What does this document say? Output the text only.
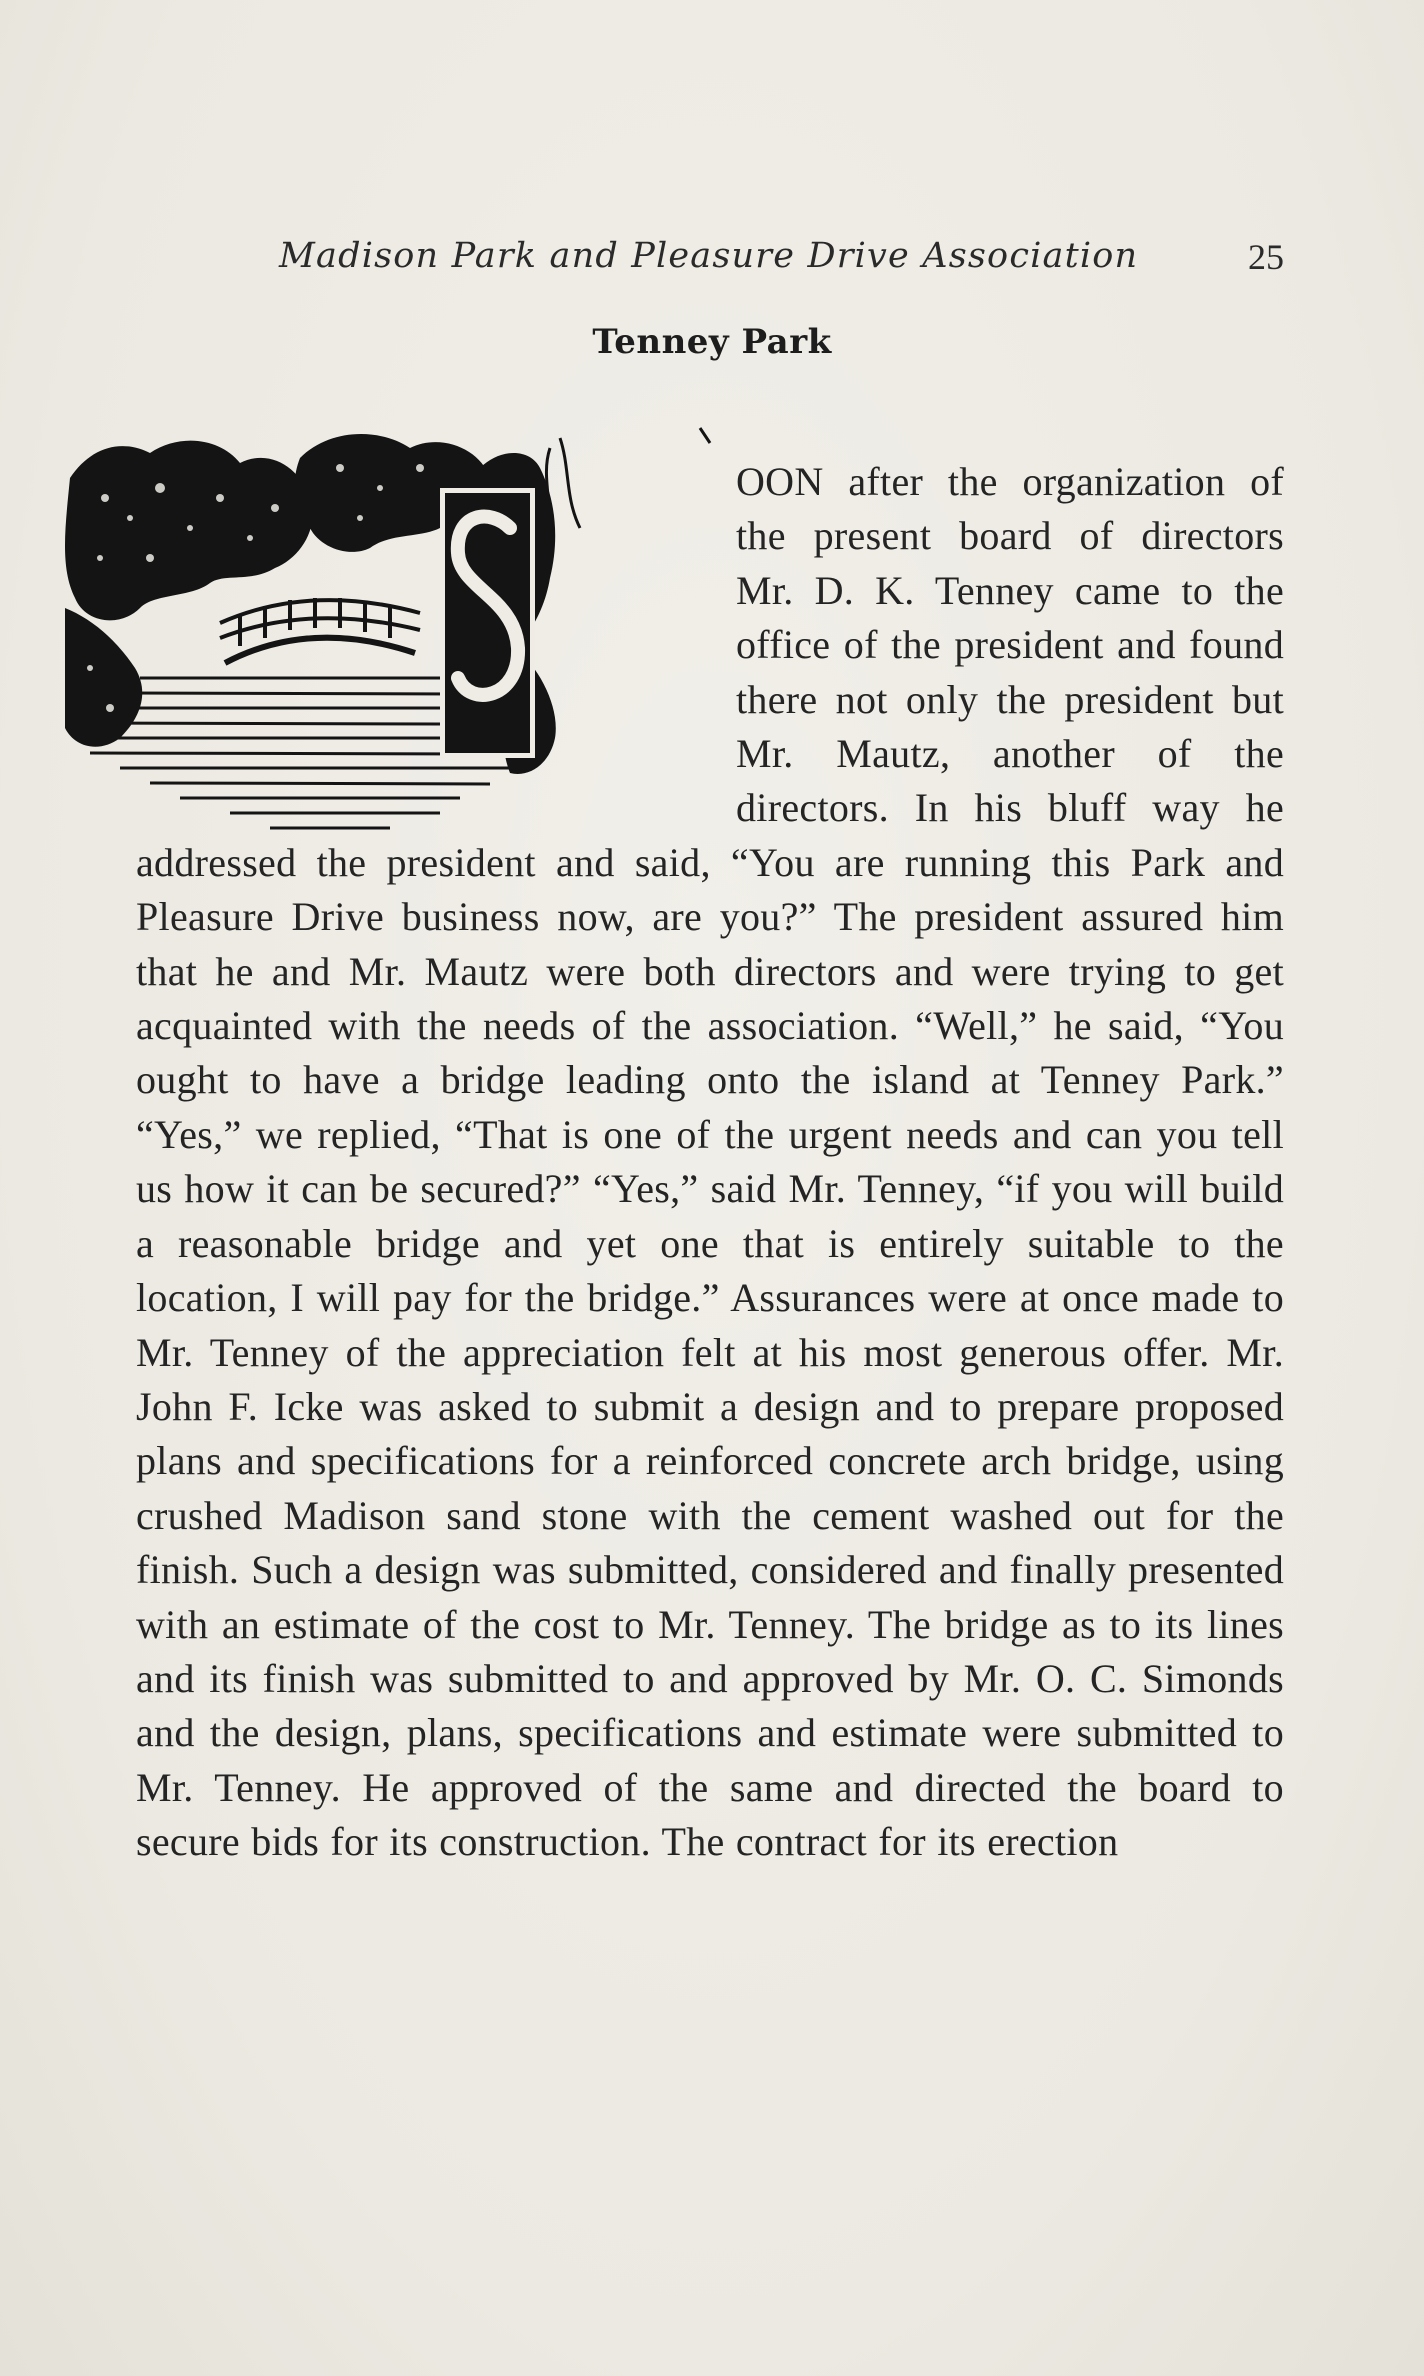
Madison Park and Pleasure Drive Association	25
Tenney Park

OON after the organization of the present board of directors Mr. D. K. Tenney came to the office of the president and found there not only the president but Mr. Mautz, another of the directors. In his bluff way he addressed the president and said, “You are running this Park and Pleasure Drive business now, are you?” The president assured him that he and Mr. Mautz were both directors and were trying to get acquainted with the needs of the association. “Well,” he said, “You ought to have a bridge leading onto the island at Tenney Park.” “Yes,” we replied, “That is one of the urgent needs and can you tell us how it can be secured?” “Yes,” said Mr. Tenney, “if you will build a reasonable bridge and yet one that is entirely suitable to the location, I will pay for the bridge.” Assurances were at once made to Mr. Tenney of the appreciation felt at his most generous offer. Mr. John F. Icke was asked to submit a design and to prepare proposed plans and specifications for a reinforced concrete arch bridge, using crushed Madison sand stone with the cement washed out for the finish. Such a design was submitted, considered and finally presented with an estimate of the cost to Mr. Tenney. The bridge as to its lines and its finish was submitted to and approved by Mr. O. C. Simonds and the design, plans, specifications and estimate were submitted to Mr. Tenney. He approved of the same and directed the board to secure bids for its construction. The contract for its erection
